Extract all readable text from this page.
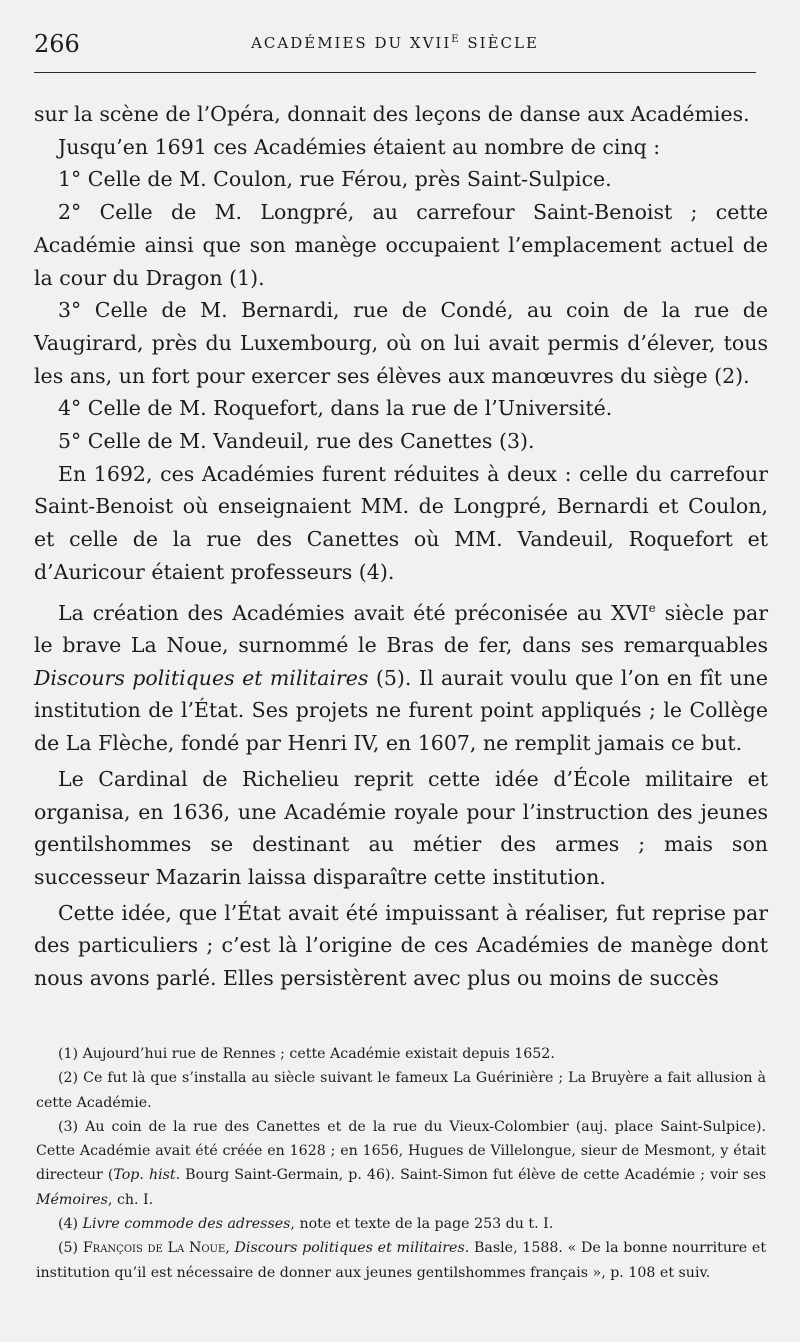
266	ACADÉMIES DU $XVII^E$ SIÈCLE

sur la scène de l’Opéra, donnait des leçons de danse aux Académies.

Jusqu’en 1691 ces Académies étaient au nombre de cinq :

1° Celle de M. Coulon, rue Férou, près Saint-Sulpice.

2° Celle de M. Longpré, au carrefour Saint-Benoist ; cette Académie ainsi que son manège occupaient l’emplacement actuel de la cour du Dragon (1).

3° Celle de M. Bernardi, rue de Condé, au coin de la rue de Vaugirard, près du Luxembourg, où on lui avait permis d’élever, tous les ans, un fort pour exercer ses élèves aux manœuvres du siège (2).

4° Celle de M. Roquefort, dans la rue de l’Université.

5° Celle de M. Vandeuil, rue des Canettes (3).

En 1692, ces Académies furent réduites à deux : celle du carrefour Saint-Benoist où enseignaient MM. de Longpré, Bernardi et Coulon, et celle de la rue des Canettes où MM. Vandeuil, Roquefort et d’Auricour étaient professeurs (4).

La création des Académies avait été préconisée au XVIe siècle par le brave La Noue, surnommé le Bras de fer, dans ses remarquables Discours politiques et militaires (5). Il aurait voulu que l’on en fît une institution de l’État. Ses projets ne furent point appliqués ; le Collège de La Flèche, fondé par Henri IV, en 1607, ne remplit jamais ce but.

Le Cardinal de Richelieu reprit cette idée d’École militaire et organisa, en 1636, une Académie royale pour l’instruction des jeunes gentilshommes se destinant au métier des armes ; mais son successeur Mazarin laissa disparaître cette institution.

Cette idée, que l’État avait été impuissant à réaliser, fut reprise par des particuliers ; c’est là l’origine de ces Académies de manège dont nous avons parlé. Elles persistèrent avec plus ou moins de succès

(1) Aujourd’hui rue de Rennes ; cette Académie existait depuis 1652.

(2) Ce fut là que s’installa au siècle suivant le fameux La Guérinière ; La Bruyère a fait allusion à cette Académie.

(3) Au coin de la rue des Canettes et de la rue du Vieux-Colombier (auj. place Saint-Sulpice). Cette Académie avait été créée en 1628 ; en 1656, Hugues de Villelongue, sieur de Mesmont, y était directeur (Top. hist. Bourg Saint-Germain, p. 46). Saint-Simon fut élève de cette Académie ; voir ses Mémoires, ch. I.

(4) Livre commode des adresses, note et texte de la page 253 du t. I.

(5) François de La Noue, Discours politiques et militaires. Basle, 1588. « De la bonne nourriture et institution qu’il est nécessaire de donner aux jeunes gentilshommes français », p. 108 et suiv.
